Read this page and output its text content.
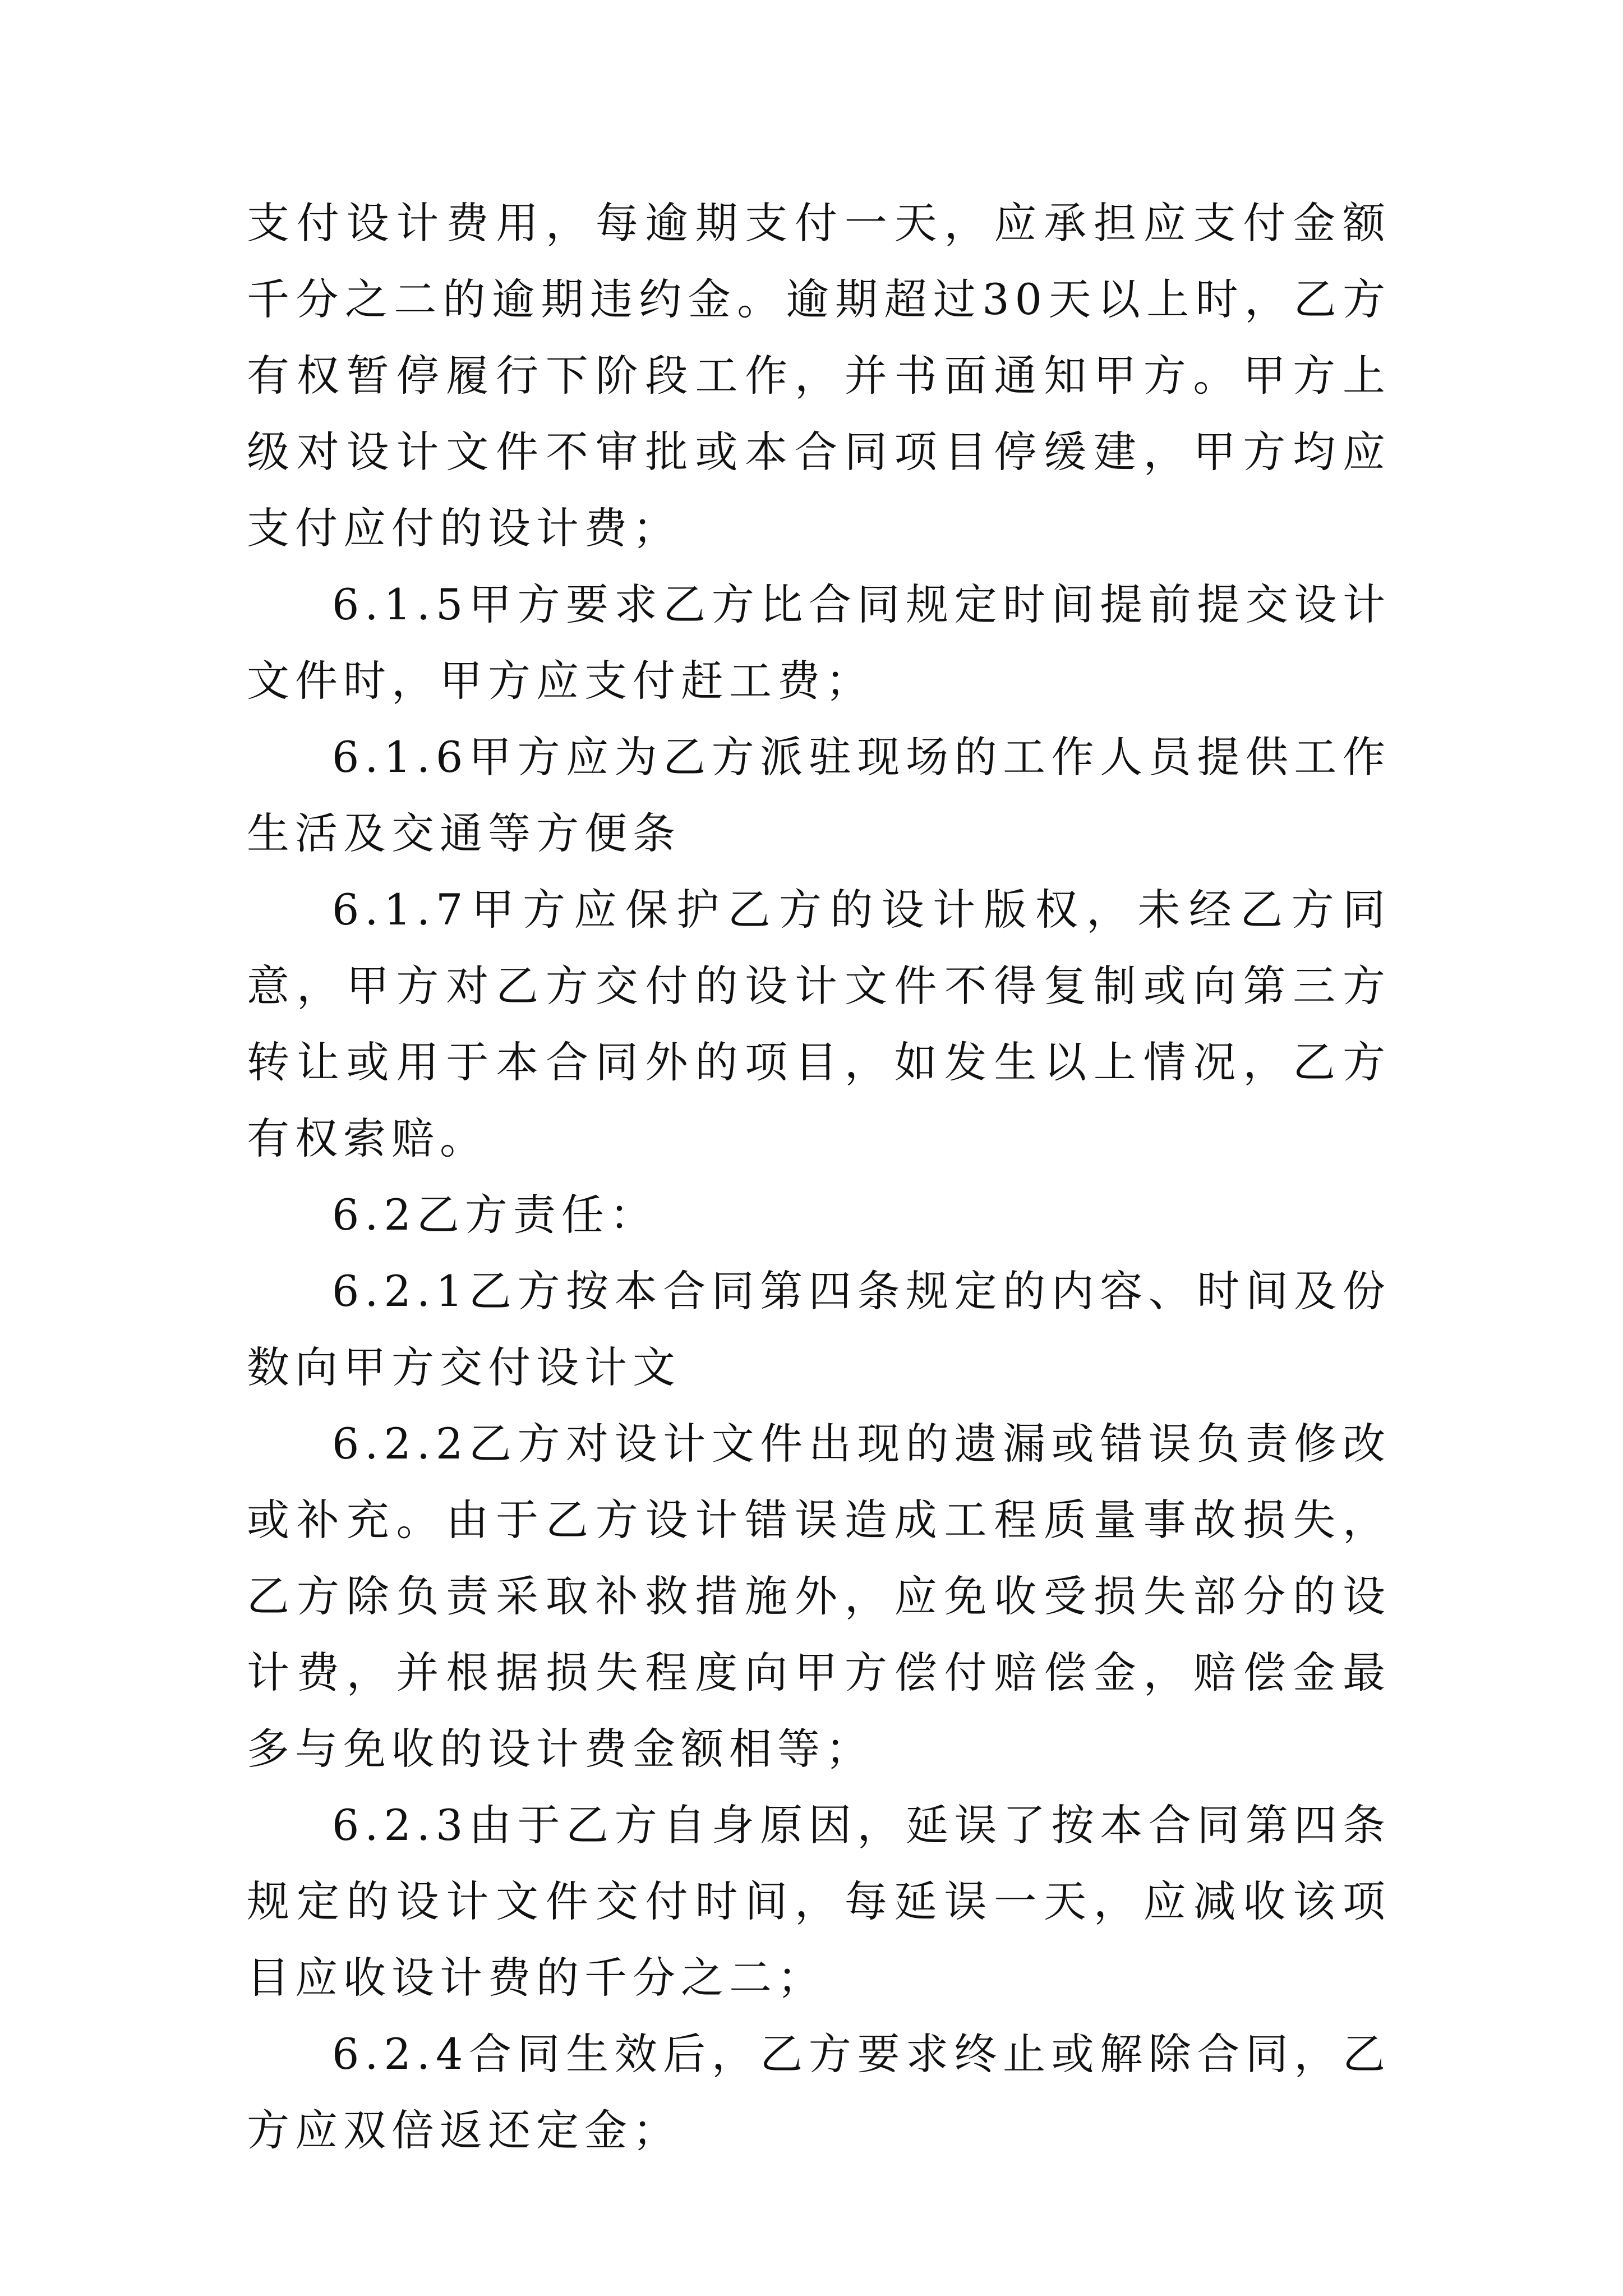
支付设计费用，每逾期支付一天，应承担应支付金额千分之二的逾期违约金。逾期超过30天以上时，乙方有权暂停履行下阶段工作，并书面通知甲方。甲方上级对设计文件不审批或本合同项目停缓建，甲方均应支付应付的设计费；

6.1.5甲方要求乙方比合同规定时间提前提交设计文件时，甲方应支付赶工费；

6.1.6甲方应为乙方派驻现场的工作人员提供工作生活及交通等方便条

6.1.7甲方应保护乙方的设计版权，未经乙方同意，甲方对乙方交付的设计文件不得复制或向第三方转让或用于本合同外的项目，如发生以上情况，乙方有权索赔。

6.2乙方责任：

6.2.1乙方按本合同第四条规定的内容、时间及份数向甲方交付设计文

6.2.2乙方对设计文件出现的遗漏或错误负责修改或补充。由于乙方设计错误造成工程质量事故损失，乙方除负责采取补救措施外，应免收受损失部分的设计费，并根据损失程度向甲方偿付赔偿金，赔偿金最多与免收的设计费金额相等；

6.2.3由于乙方自身原因，延误了按本合同第四条规定的设计文件交付时间，每延误一天，应减收该项目应收设计费的千分之二；

6.2.4合同生效后，乙方要求终止或解除合同，乙方应双倍返还定金；
